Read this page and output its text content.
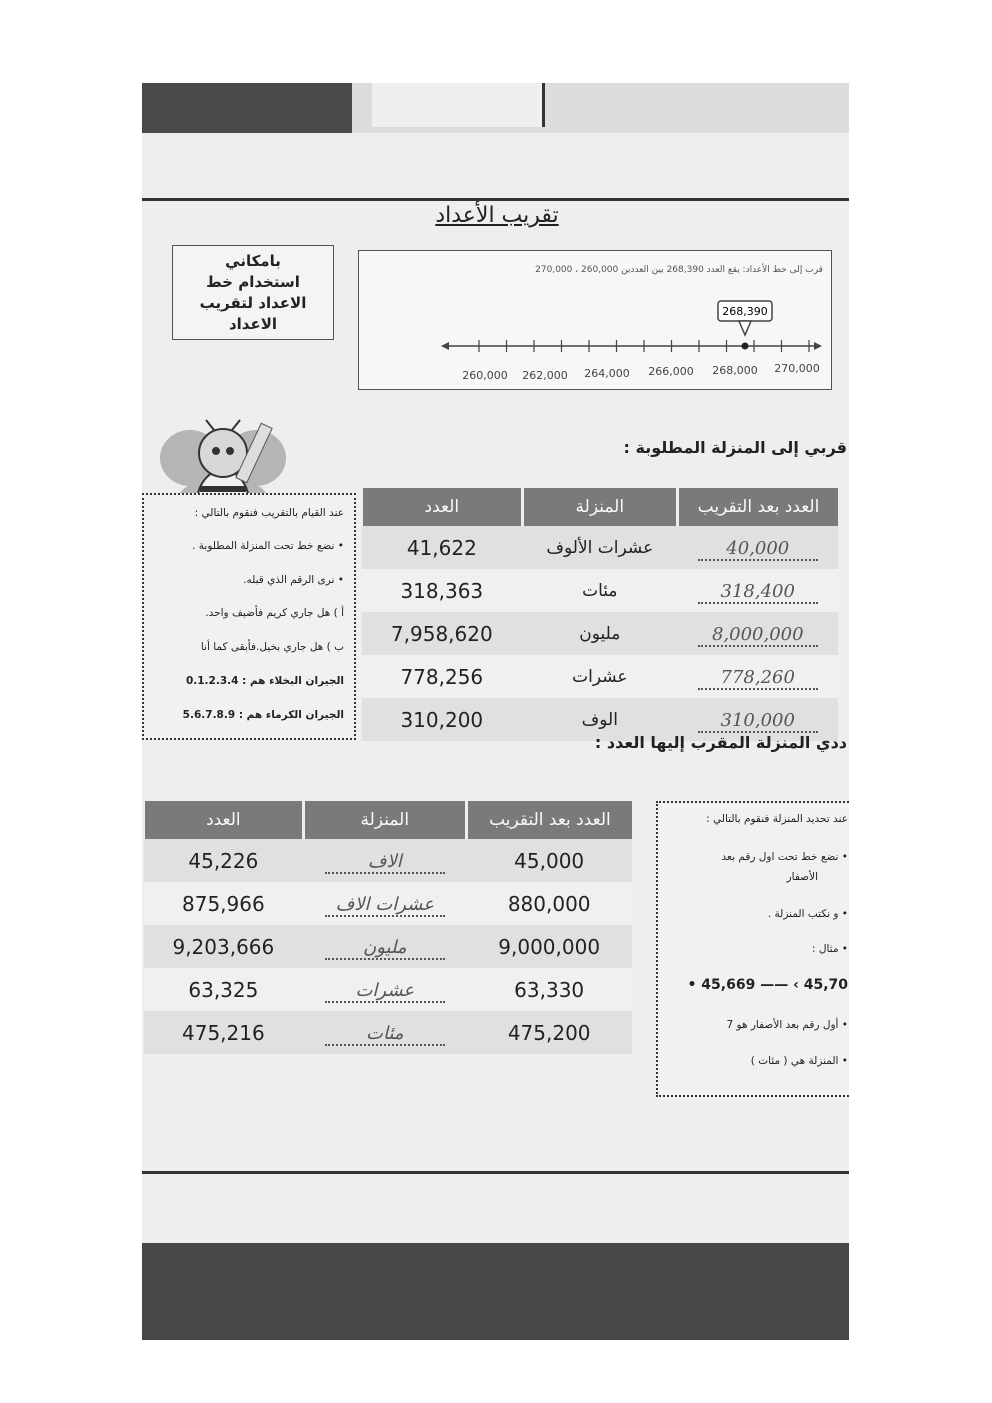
تقريب الأعداد
بامكاني
استخدام خط
الاعداد لتقريب
الاعداد
قرب إلى خط الأعداد: يقع العدد 268,390 بين العددين 260,000 ، 270,000
268,390
260,000 262,000 264,000 266,000 268,000 270,000
قربي إلى المنزلة المطلوبة :
عند القيام بالتقريب فنقوم بالتالي :
• نضع خط تحت المنزلة المطلوبة .
• نرى الرقم الذي قبله.
أ ) هل جاري كريم فأضيف واحد.
ب ) هل جاري بخيل.فأبقى كما أنا
الجيران البخلاء هم : 0.1.2.3.4
الجيران الكرماء هم : 5.6.7.8.9
العدد بعد التقريب	المنزلة	العدد
40,000	عشرات الألوف	41,622
318,400	مئات	318,363
8,000,000	مليون	7,958,620
778,260	عشرات	778,256
310,000	الوف	310,200
ددي المنزلة المقرب إليها العدد :
العدد بعد التقريب	المنزلة	العدد
45,000	الاف	45,226
880,000	عشرات الاف	875,966
9,000,000	مليون	9,203,666
63,330	عشرات	63,325
475,200	مئات	475,216
عند تحديد المنزلة فنقوم بالتالي :
• نضع خط تحت اول رقم بعد
الأصفار
• و نكتب المنزلة .
• مثال :
• 45,669 —— ‹ 45,70
• أول رقم بعد الأصفار هو 7
• المنزلة هي ( مئات )
